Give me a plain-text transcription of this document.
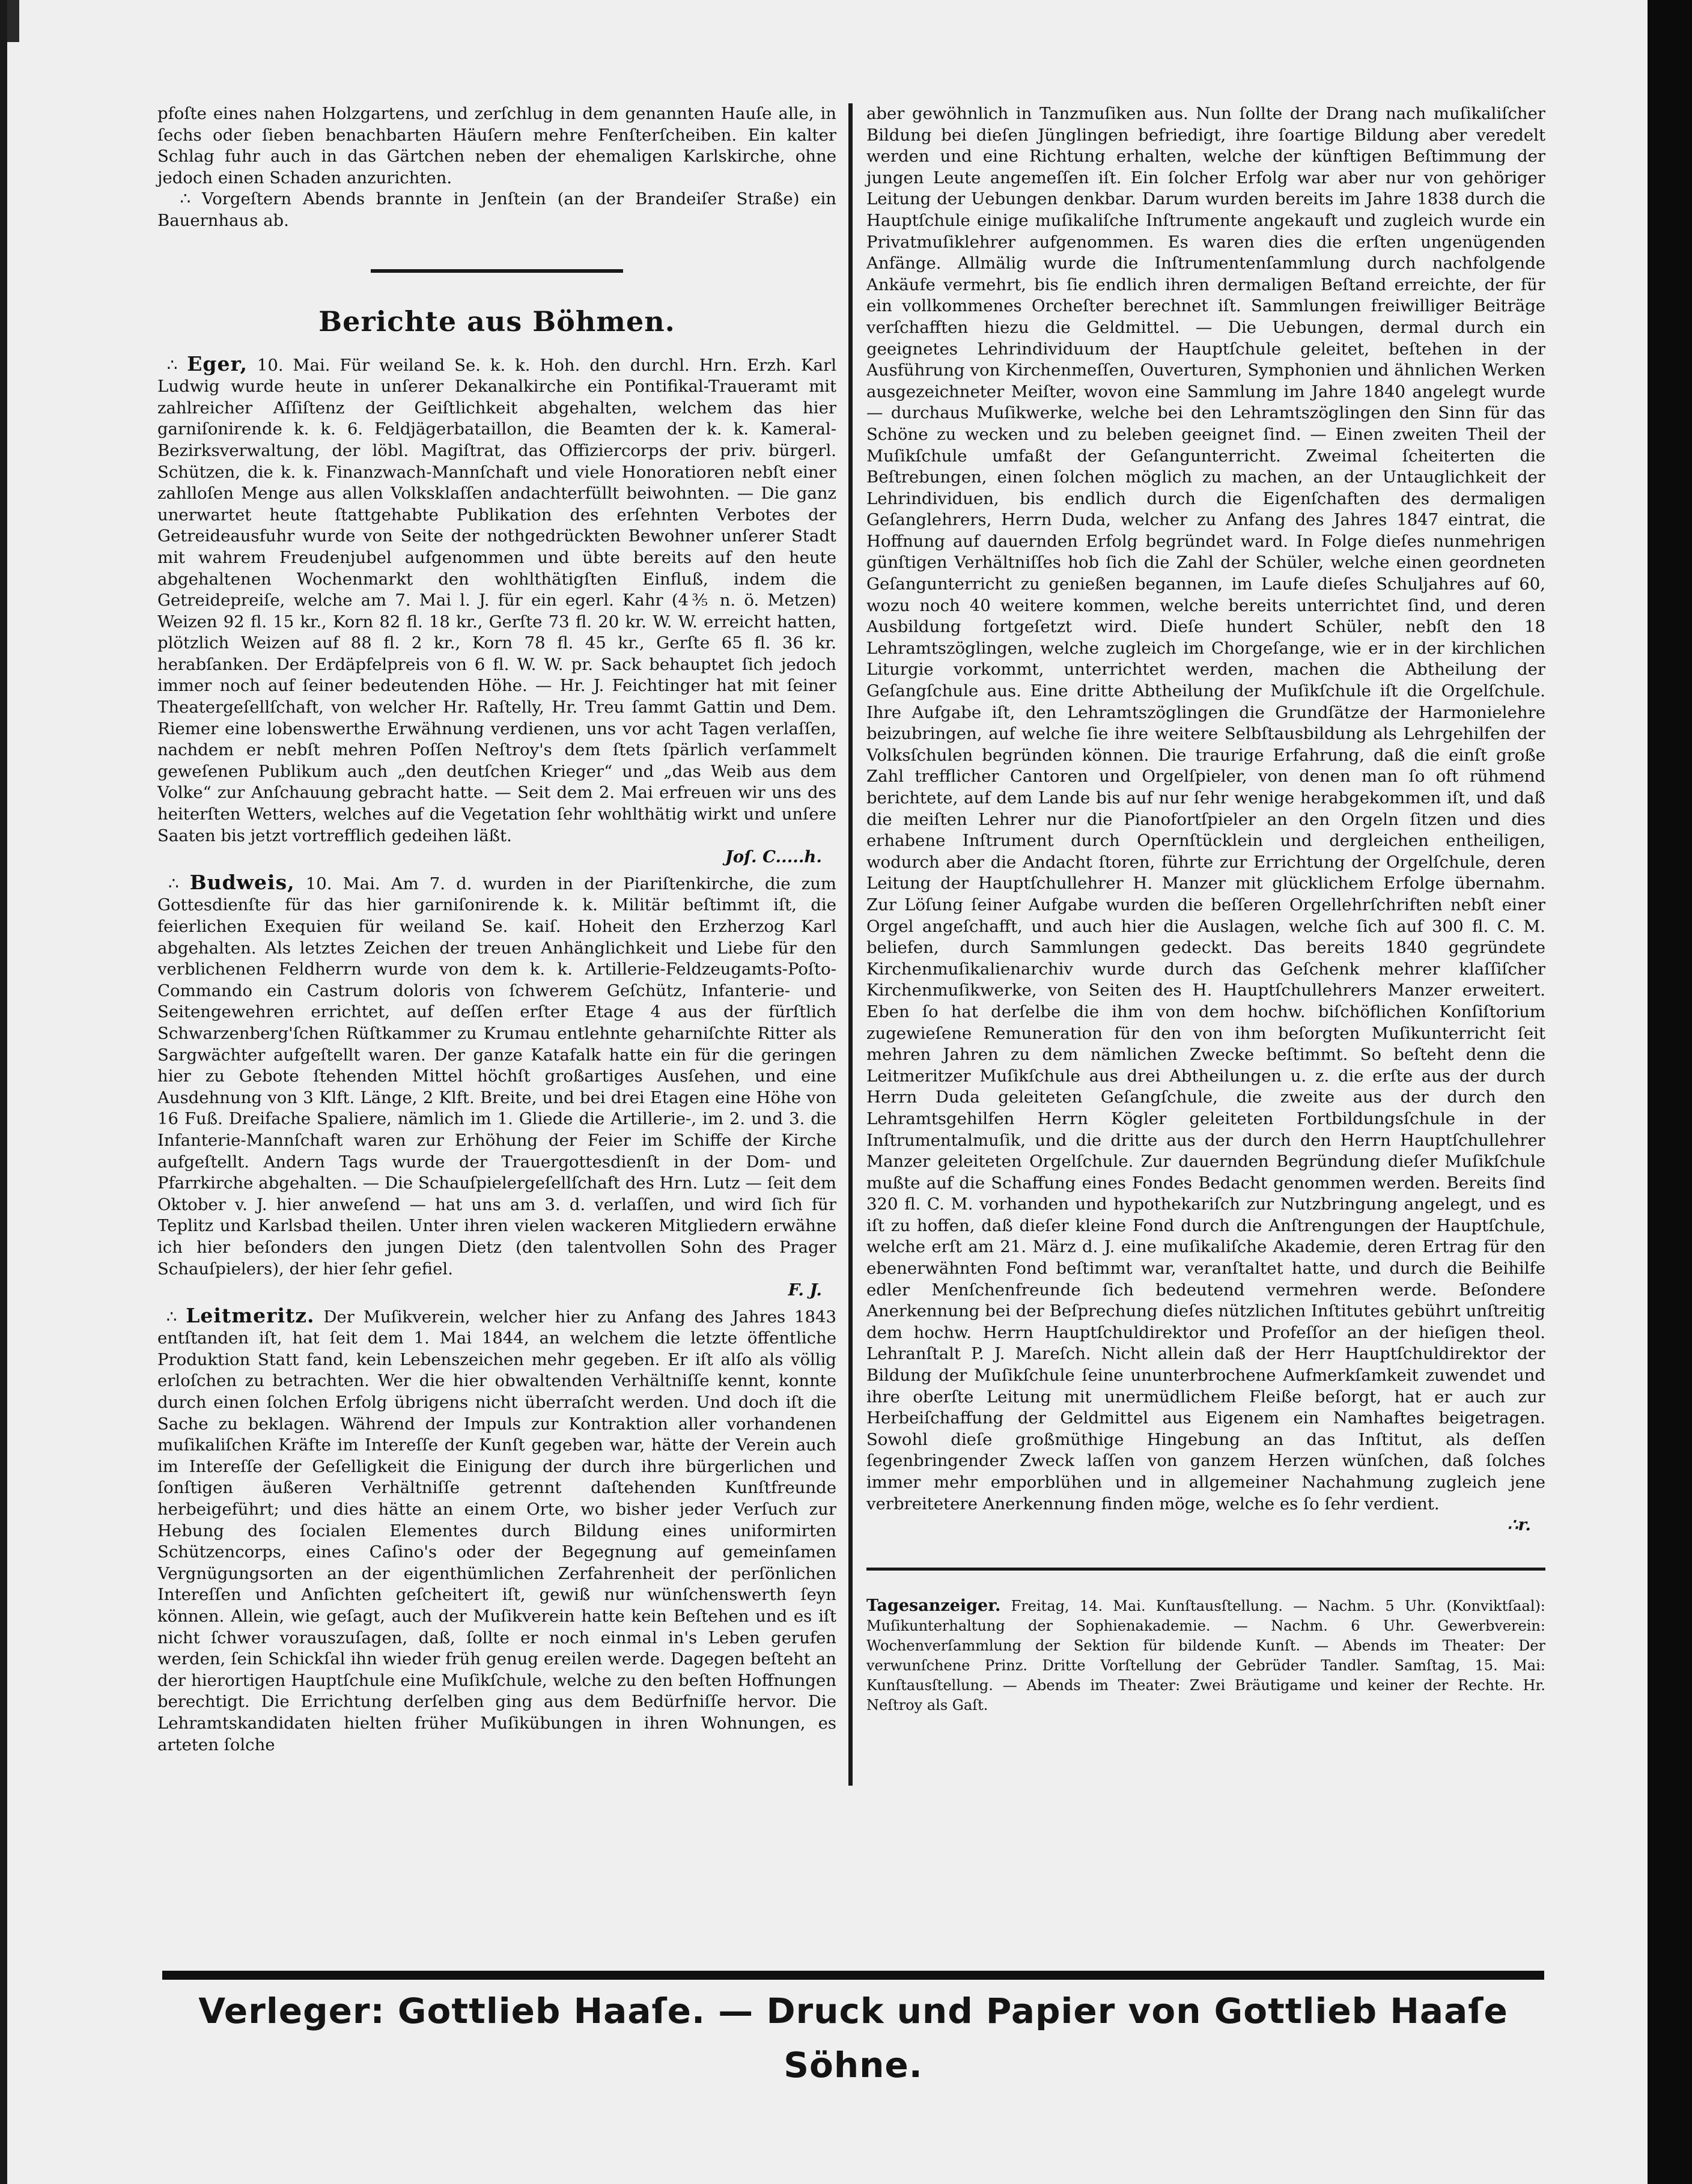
pfoſte eines nahen Holzgartens, und zerſchlug in dem genannten Hauſe alle, in ſechs oder ſieben benachbarten Häuſern mehre Fenſterſcheiben. Ein kalter Schlag fuhr auch in das Gärtchen neben der ehemaligen Karlskirche, ohne jedoch einen Schaden anzurichten.

∴ Vorgeſtern Abends brannte in Jenſtein (an der Brandeiſer Straße) ein Bauernhaus ab.

Berichte aus Böhmen.

∴ Eger, 10. Mai. Für weiland Se. k. k. Hoh. den durchl. Hrn. Erzh. Karl Ludwig wurde heute in unſerer Dekanalkirche ein Pontifikal-Traueramt mit zahlreicher Aſſiſtenz der Geiſtlichkeit abgehalten, welchem das hier garniſonirende k. k. 6. Feldjägerbataillon, die Beamten der k. k. Kameral-Bezirksverwaltung, der löbl. Magiſtrat, das Offiziercorps der priv. bürgerl. Schützen, die k. k. Finanzwach-Mannſchaft und viele Honoratioren nebſt einer zahlloſen Menge aus allen Volksklaſſen andachterfüllt beiwohnten. — Die ganz unerwartet heute ſtattgehabte Publikation des erſehnten Verbotes der Getreideausfuhr wurde von Seite der nothgedrückten Bewohner unſerer Stadt mit wahrem Freudenjubel aufgenommen und übte bereits auf den heute abgehaltenen Wochenmarkt den wohlthätigſten Einfluß, indem die Getreidepreiſe, welche am 7. Mai l. J. für ein egerl. Kahr (4⅗ n. ö. Metzen) Weizen 92 fl. 15 kr., Korn 82 fl. 18 kr., Gerſte 73 fl. 20 kr. W. W. erreicht hatten, plötzlich Weizen auf 88 fl. 2 kr., Korn 78 fl. 45 kr., Gerſte 65 fl. 36 kr. herabſanken. Der Erdäpfelpreis von 6 fl. W. W. pr. Sack behauptet ſich jedoch immer noch auf ſeiner bedeutenden Höhe. — Hr. J. Feichtinger hat mit ſeiner Theatergeſellſchaft, von welcher Hr. Raſtelly, Hr. Treu ſammt Gattin und Dem. Riemer eine lobenswerthe Erwähnung verdienen, uns vor acht Tagen verlaſſen, nachdem er nebſt mehren Poſſen Neſtroy's dem ſtets ſpärlich verſammelt geweſenen Publikum auch „den deutſchen Krieger“ und „das Weib aus dem Volke“ zur Anſchauung gebracht hatte. — Seit dem 2. Mai erfreuen wir uns des heiterſten Wetters, welches auf die Vegetation ſehr wohlthätig wirkt und unſere Saaten bis jetzt vortrefflich gedeihen läßt.

Joſ. C.....h.

∴ Budweis, 10. Mai. Am 7. d. wurden in der Piariſtenkirche, die zum Gottesdienſte für das hier garniſonirende k. k. Militär beſtimmt iſt, die feierlichen Exequien für weiland Se. kaiſ. Hoheit den Erzherzog Karl abgehalten. Als letztes Zeichen der treuen Anhänglichkeit und Liebe für den verblichenen Feldherrn wurde von dem k. k. Artillerie-Feldzeugamts-Poſto-Commando ein Castrum doloris von ſchwerem Geſchütz, Infanterie- und Seitengewehren errichtet, auf deſſen erſter Etage 4 aus der fürſtlich Schwarzenberg'ſchen Rüſtkammer zu Krumau entlehnte geharniſchte Ritter als Sargwächter aufgeſtellt waren. Der ganze Katafalk hatte ein für die geringen hier zu Gebote ſtehenden Mittel höchſt großartiges Ausſehen, und eine Ausdehnung von 3 Klft. Länge, 2 Klft. Breite, und bei drei Etagen eine Höhe von 16 Fuß. Dreifache Spaliere, nämlich im 1. Gliede die Artillerie-, im 2. und 3. die Infanterie-Mannſchaft waren zur Erhöhung der Feier im Schiffe der Kirche aufgeſtellt. Andern Tags wurde der Trauergottesdienſt in der Dom- und Pfarrkirche abgehalten. — Die Schauſpielergeſellſchaft des Hrn. Lutz — ſeit dem Oktober v. J. hier anweſend — hat uns am 3. d. verlaſſen, und wird ſich für Teplitz und Karlsbad theilen. Unter ihren vielen wackeren Mitgliedern erwähne ich hier beſonders den jungen Dietz (den talentvollen Sohn des Prager Schauſpielers), der hier ſehr gefiel.

F. J.

∴ Leitmeritz. Der Muſikverein, welcher hier zu Anfang des Jahres 1843 entſtanden iſt, hat ſeit dem 1. Mai 1844, an welchem die letzte öffentliche Produktion Statt fand, kein Lebenszeichen mehr gegeben. Er iſt alſo als völlig erloſchen zu betrachten. Wer die hier obwaltenden Verhältniſſe kennt, konnte durch einen ſolchen Erfolg übrigens nicht überraſcht werden. Und doch iſt die Sache zu beklagen. Während der Impuls zur Kontraktion aller vorhandenen muſikaliſchen Kräfte im Intereſſe der Kunſt gegeben war, hätte der Verein auch im Intereſſe der Geſelligkeit die Einigung der durch ihre bürgerlichen und ſonſtigen äußeren Verhältniſſe getrennt daſtehenden Kunſtfreunde herbeigeführt; und dies hätte an einem Orte, wo bisher jeder Verſuch zur Hebung des ſocialen Elementes durch Bildung eines uniformirten Schützencorps, eines Caſino's oder der Begegnung auf gemeinſamen Vergnügungsorten an der eigenthümlichen Zerfahrenheit der perſönlichen Intereſſen und Anſichten geſcheitert iſt, gewiß nur wünſchenswerth ſeyn können. Allein, wie geſagt, auch der Muſikverein hatte kein Beſtehen und es iſt nicht ſchwer vorauszuſagen, daß, ſollte er noch einmal in's Leben gerufen werden, ſein Schickſal ihn wieder früh genug ereilen werde. Dagegen beſteht an der hierortigen Hauptſchule eine Muſikſchule, welche zu den beſten Hoffnungen berechtigt. Die Errichtung derſelben ging aus dem Bedürfniſſe hervor. Die Lehramtskandidaten hielten früher Muſikübungen in ihren Wohnungen, es arteten ſolche

aber gewöhnlich in Tanzmuſiken aus. Nun ſollte der Drang nach muſikaliſcher Bildung bei dieſen Jünglingen befriedigt, ihre ſoartige Bildung aber veredelt werden und eine Richtung erhalten, welche der künftigen Beſtimmung der jungen Leute angemeſſen iſt. Ein ſolcher Erfolg war aber nur von gehöriger Leitung der Uebungen denkbar. Darum wurden bereits im Jahre 1838 durch die Hauptſchule einige muſikaliſche Inſtrumente angekauft und zugleich wurde ein Privatmuſiklehrer aufgenommen. Es waren dies die erſten ungenügenden Anfänge. Allmälig wurde die Inſtrumentenſammlung durch nachfolgende Ankäufe vermehrt, bis ſie endlich ihren dermaligen Beſtand erreichte, der für ein vollkommenes Orcheſter berechnet iſt. Sammlungen freiwilliger Beiträge verſchafften hiezu die Geldmittel. — Die Uebungen, dermal durch ein geeignetes Lehrindividuum der Hauptſchule geleitet, beſtehen in der Ausführung von Kirchenmeſſen, Ouverturen, Symphonien und ähnlichen Werken ausgezeichneter Meiſter, wovon eine Sammlung im Jahre 1840 angelegt wurde — durchaus Muſikwerke, welche bei den Lehramtszöglingen den Sinn für das Schöne zu wecken und zu beleben geeignet ſind. — Einen zweiten Theil der Muſikſchule umfaßt der Geſangunterricht. Zweimal ſcheiterten die Beſtrebungen, einen ſolchen möglich zu machen, an der Untauglichkeit der Lehrindividuen, bis endlich durch die Eigenſchaften des dermaligen Geſanglehrers, Herrn Duda, welcher zu Anfang des Jahres 1847 eintrat, die Hoffnung auf dauernden Erfolg begründet ward. In Folge dieſes nunmehrigen günſtigen Verhältniſſes hob ſich die Zahl der Schüler, welche einen geordneten Geſangunterricht zu genießen begannen, im Laufe dieſes Schuljahres auf 60, wozu noch 40 weitere kommen, welche bereits unterrichtet ſind, und deren Ausbildung fortgeſetzt wird. Dieſe hundert Schüler, nebſt den 18 Lehramtszöglingen, welche zugleich im Chorgeſange, wie er in der kirchlichen Liturgie vorkommt, unterrichtet werden, machen die Abtheilung der Geſangſchule aus. Eine dritte Abtheilung der Muſikſchule iſt die Orgelſchule. Ihre Aufgabe iſt, den Lehramtszöglingen die Grundſätze der Harmonielehre beizubringen, auf welche ſie ihre weitere Selbſtausbildung als Lehrgehilfen der Volksſchulen begründen können. Die traurige Erfahrung, daß die einſt große Zahl trefflicher Cantoren und Orgelſpieler, von denen man ſo oft rühmend berichtete, auf dem Lande bis auf nur ſehr wenige herabgekommen iſt, und daß die meiſten Lehrer nur die Pianofortſpieler an den Orgeln ſitzen und dies erhabene Inſtrument durch Opernſtücklein und dergleichen entheiligen, wodurch aber die Andacht ſtoren, führte zur Errichtung der Orgelſchule, deren Leitung der Hauptſchullehrer H. Manzer mit glücklichem Erfolge übernahm. Zur Löſung ſeiner Aufgabe wurden die beſſeren Orgellehrſchriften nebſt einer Orgel angeſchafft, und auch hier die Auslagen, welche ſich auf 300 fl. C. M. beliefen, durch Sammlungen gedeckt. Das bereits 1840 gegründete Kirchenmuſikalienarchiv wurde durch das Geſchenk mehrer klaſſiſcher Kirchenmuſikwerke, von Seiten des H. Hauptſchullehrers Manzer erweitert. Eben ſo hat derſelbe die ihm von dem hochw. biſchöflichen Konſiſtorium zugewieſene Remuneration für den von ihm beſorgten Muſikunterricht ſeit mehren Jahren zu dem nämlichen Zwecke beſtimmt. So beſteht denn die Leitmeritzer Muſikſchule aus drei Abtheilungen u. z. die erſte aus der durch Herrn Duda geleiteten Geſangſchule, die zweite aus der durch den Lehramtsgehilfen Herrn Kögler geleiteten Fortbildungsſchule in der Inſtrumentalmuſik, und die dritte aus der durch den Herrn Hauptſchullehrer Manzer geleiteten Orgelſchule. Zur dauernden Begründung dieſer Muſikſchule mußte auf die Schaffung eines Fondes Bedacht genommen werden. Bereits ſind 320 fl. C. M. vorhanden und hypothekariſch zur Nutzbringung angelegt, und es iſt zu hoffen, daß dieſer kleine Fond durch die Anſtrengungen der Hauptſchule, welche erſt am 21. März d. J. eine muſikaliſche Akademie, deren Ertrag für den ebenerwähnten Fond beſtimmt war, veranſtaltet hatte, und durch die Beihilfe edler Menſchenfreunde ſich bedeutend vermehren werde. Beſondere Anerkennung bei der Beſprechung dieſes nützlichen Inſtitutes gebührt unſtreitig dem hochw. Herrn Hauptſchuldirektor und Profeſſor an der hieſigen theol. Lehranſtalt P. J. Mareſch. Nicht allein daß der Herr Hauptſchuldirektor der Bildung der Muſikſchule ſeine ununterbrochene Aufmerkſamkeit zuwendet und ihre oberſte Leitung mit unermüdlichem Fleiße beſorgt, hat er auch zur Herbeiſchaffung der Geldmittel aus Eigenem ein Namhaftes beigetragen. Sowohl dieſe großmüthige Hingebung an das Inſtitut, als deſſen ſegenbringender Zweck laſſen von ganzem Herzen wünſchen, daß ſolches immer mehr emporblühen und in allgemeiner Nachahmung zugleich jene verbreitetere Anerkennung finden möge, welche es ſo ſehr verdient.

∴r.
Tagesanzeiger. Freitag, 14. Mai. Kunſtausſtellung. — Nachm. 5 Uhr. (Konviktſaal): Muſikunterhaltung der Sophienakademie. — Nachm. 6 Uhr. Gewerbverein: Wochenverſammlung der Sektion für bildende Kunſt. — Abends im Theater: Der verwunſchene Prinz. Dritte Vorſtellung der Gebrüder Tandler. Samſtag, 15. Mai: Kunſtausſtellung. — Abends im Theater: Zwei Bräutigame und keiner der Rechte. Hr. Neſtroy als Gaſt.
Verleger: Gottlieb Haaſe. — Druck und Papier von Gottlieb Haaſe Söhne.
